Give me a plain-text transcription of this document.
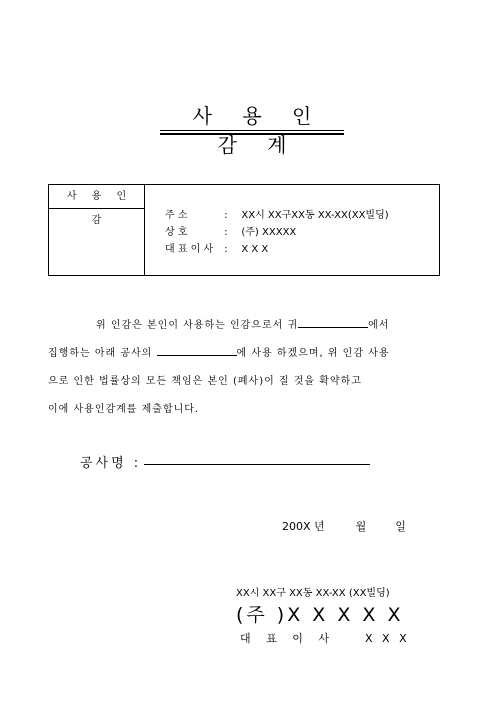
사 용 인 감 계
사 용 인 감	주 소	: XX시 XX구XX동 XX-XX(XX빌딩)
상 호	: (주) XXXXX
대 표 이 사 : X X X

위 인감은 본인이 사용하는 인감으로서 귀	에서

집행하는 아래 공사의	에 사용 하겠으며, 위 인감 사용

으로 인한 법률상의 모든 책임은 본인 (폐사)이 질 것을 확약하고

이에 사용인감계를 제출합니다.

공사명 :
200X 년	월	일
XX시 XX구 XX동 XX-XX (XX빌딩)
(주 )X X X X X
대 표 이 사	X X X
